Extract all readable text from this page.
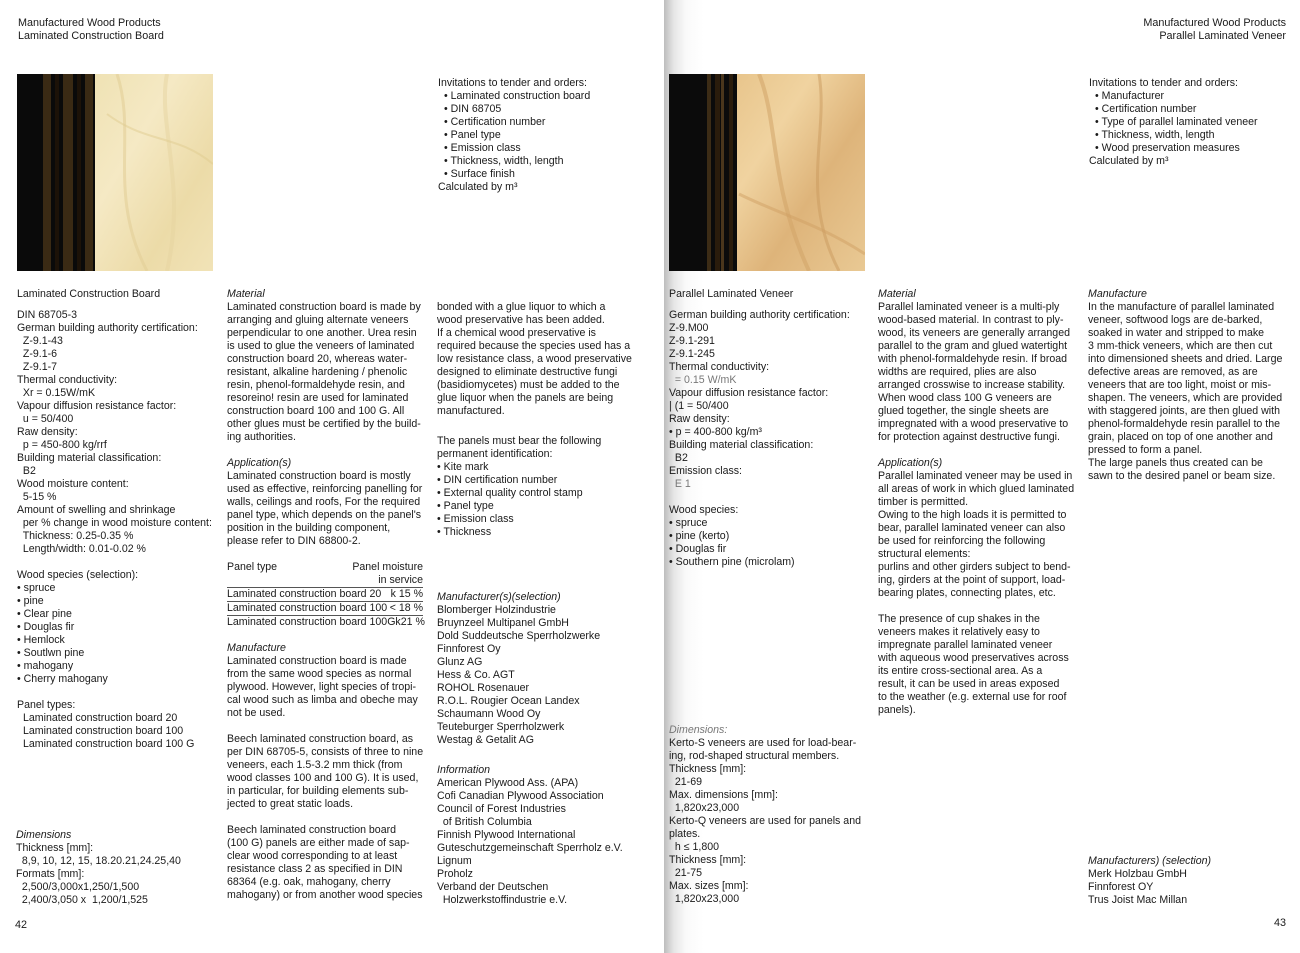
Manufactured Wood Products
Laminated Construction Board
Invitations to tender and orders:
• Laminated construction board
• DIN 68705
• Certification number
• Panel type
• Emission class
• Thickness, width, length
• Surface finish
Calculated by m³
Laminated Construction Board
DIN 68705-3
German building authority certification:
Z-9.1-43
Z-9.1-6
Z-9.1-7
Thermal conductivity:
Xr = 0.15W/mK
Vapour diffusion resistance factor:
u = 50/400
Raw density:
p = 450-800 kg/rrf
Building material classification:
B2
Wood moisture content:
5-15 %
Amount of swelling and shrinkage
per % change in wood moisture content:
Thickness: 0.25-0.35 %
Length/width: 0.01-0.02 %
Wood species (selection):
• spruce
• pine
• Clear pine
• Douglas fir
• Hemlock
• Soutlwn pine
• mahogany
• Cherry mahogany
Panel types:
Laminated construction board 20
Laminated construction board 100
Laminated construction board 100 G
Dimensions
Thickness [mm]:
8,9, 10, 12, 15, 18.20.21,24.25,40
Formats [mm]:
2,500/3,000x1,250/1,500
2,400/3,050 x  1,200/1,525
Material
Laminated construction board is made by
arranging and gluing alternate veneers
perpendicular to one another. Urea resin
is used to glue the veneers of laminated
construction board 20, whereas water-
resistant, alkaline hardening / phenolic
resin, phenol-formaldehyde resin, and
resoreino! resin are used for laminated
construction board 100 and 100 G. All
other glues must be certified by the build-
ing authorities.
Application(s)
Laminated construction board is mostly
used as effective, reinforcing panelling for
walls, ceilings and roofs, For the required
panel type, which depends on the panel's
position in the building component,
please refer to DIN 68800-2.
Panel type	Panel moisture
in service
Laminated construction board 20 k 15 %
Laminated construction board 100 < 18 %
Laminated construction board 100Gk 21 %
Manufacture
Laminated construction board is made
from the same wood species as normal
plywood. However, light species of tropi-
cal wood such as limba and obeche may
not be used.
Beech laminated construction board, as
per DIN 68705-5, consists of three to nine
veneers, each 1.5-3.2 mm thick (from
wood classes 100 and 100 G). It is used,
in particular, for building elements sub-
jected to great static loads.
Beech laminated construction board
(100 G) panels are either made of sap-
clear wood corresponding to at least
resistance class 2 as specified in DIN
68364 (e.g. oak, mahogany, cherry
mahogany) or from another wood species
bonded with a glue liquor to which a
wood preservative has been added.
If a chemical wood preservative is
required because the species used has a
low resistance class, a wood preservative
designed to eliminate destructive fungi
(basidiomycetes) must be added to the
glue liquor when the panels are being
manufactured.
The panels must bear the following
permanent identification:
• Kite mark
• DIN certification number
• External quality control stamp
• Panel type
• Emission class
• Thickness
Manufacturer(s)(selection)
Blomberger Holzindustrie
Bruynzeel Multipanel GmbH
Dold Suddeutsche Sperrholzwerke
Finnforest Oy
Glunz AG
Hess & Co. AGT
ROHOL Rosenauer
R.O.L. Rougier Ocean Landex
Schaumann Wood Oy
Teuteburger Sperrholzwerk
Westag & Getalit AG
Information
American Plywood Ass. (APA)
Cofi Canadian Plywood Association
Council of Forest Industries
of British Columbia
Finnish Plywood International
Guteschutzgemeinschaft Sperrholz e.V.
Lignum
Proholz
Verband der Deutschen
Holzwerkstoffindustrie e.V.
42
Manufactured Wood Products
Parallel Laminated Veneer
Invitations to tender and orders:
• Manufacturer
• Certification number
• Type of parallel laminated veneer
• Thickness, width, length
• Wood preservation measures
Calculated by m³
Parallel Laminated Veneer
German building authority certification:
Z-9.M00
Z-9.1-291
Z-9.1-245
Thermal conductivity:
= 0.15 W/mK
Vapour diffusion resistance factor:
| (1 = 50/400
Raw density:
• p = 400-800 kg/m³
Building material classification:
B2
Emission class:
E 1
Wood species:
• spruce
• pine (kerto)
• Douglas fir
• Southern pine (microlam)
Dimensions:
Kerto-S veneers are used for load-bear-
ing, rod-shaped structural members.
Thickness [mm]:
21-69
Max. dimensions [mm]:
1,820x23,000
Kerto-Q veneers are used for panels and
plates.
h ≤ 1,800
Thickness [mm]:
21-75
Max. sizes [mm]:
1,820x23,000
Material
Parallel laminated veneer is a multi-ply
wood-based material. In contrast to ply-
wood, its veneers are generally arranged
parallel to the gram and glued watertight
with phenol-formaldehyde resin. If broad
widths are required, plies are also
arranged crosswise to increase stability.
When wood class 100 G veneers are
glued together, the single sheets are
impregnated with a wood preservative to
for protection against destructive fungi.
Application(s)
Parallel laminated veneer may be used in
all areas of work in which glued laminated
timber is permitted.
Owing to the high loads it is permitted to
bear, parallel laminated veneer can also
be used for reinforcing the following
structural elements:
purlins and other girders subject to bend-
ing, girders at the point of support, load-
bearing plates, connecting plates, etc.
The presence of cup shakes in the
veneers makes it relatively easy to
impregnate parallel laminated veneer
with aqueous wood preservatives across
its entire cross-sectional area. As a
result, it can be used in areas exposed
to the weather (e.g. external use for roof
panels).
Manufacture
In the manufacture of parallel laminated
veneer, softwood logs are de-barked,
soaked in water and stripped to make
3 mm-thick veneers, which are then cut
into dimensioned sheets and dried. Large
defective areas are removed, as are
veneers that are too light, moist or mis-
shapen. The veneers, which are provided
with staggered joints, are then glued with
phenol-formaldehyde resin parallel to the
grain, placed on top of one another and
pressed to form a panel.
The large panels thus created can be
sawn to the desired panel or beam size.
Manufacturers) (selection)
Merk Holzbau GmbH
Finnforest OY
Trus Joist Mac Millan
43
